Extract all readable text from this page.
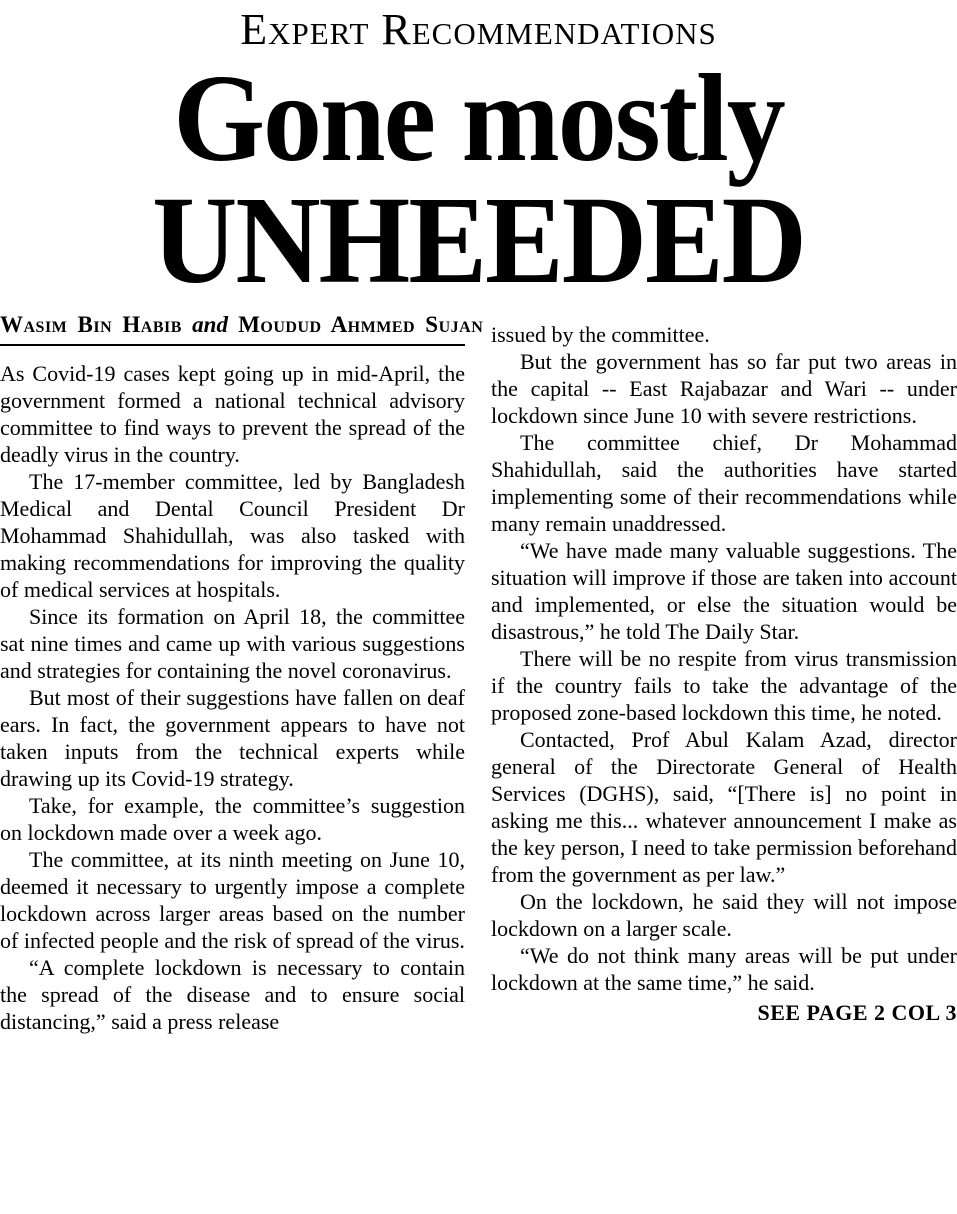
Expert Recommendations
Gone mostly
UNHEEDED
Wasim Bin Habib and Moudud Ahmmed Sujan

As Covid-19 cases kept going up in mid-April, the government formed a national technical advisory committee to find ways to prevent the spread of the deadly virus in the country.

The 17-member committee, led by Bangladesh Medical and Dental Council President Dr Mohammad Shahidullah, was also tasked with making recommendations for improving the quality of medical services at hospitals.

Since its formation on April 18, the committee sat nine times and came up with various suggestions and strategies for containing the novel coronavirus.

But most of their suggestions have fallen on deaf ears. In fact, the government appears to have not taken inputs from the technical experts while drawing up its Covid-19 strategy.

Take, for example, the committee’s suggestion on lockdown made over a week ago.

The committee, at its ninth meeting on June 10, deemed it necessary to urgently impose a complete lockdown across larger areas based on the number of infected people and the risk of spread of the virus.

“A complete lockdown is necessary to contain the spread of the disease and to ensure social distancing,” said a press release

issued by the committee.

But the government has so far put two areas in the capital -- East Rajabazar and Wari -- under lockdown since June 10 with severe restrictions.

The committee chief, Dr Mohammad Shahidullah, said the authorities have started implementing some of their recommendations while many remain unaddressed.

“We have made many valuable suggestions. The situation will improve if those are taken into account and implemented, or else the situation would be disastrous,” he told The Daily Star.

There will be no respite from virus transmission if the country fails to take the advantage of the proposed zone-based lockdown this time, he noted.

Contacted, Prof Abul Kalam Azad, director general of the Directorate General of Health Services (DGHS), said, “[There is] no point in asking me this... whatever announcement I make as the key person, I need to take permission beforehand from the government as per law.”

On the lockdown, he said they will not impose lockdown on a larger scale.

“We do not think many areas will be put under lockdown at the same time,” he said.

SEE PAGE 2 COL 3
